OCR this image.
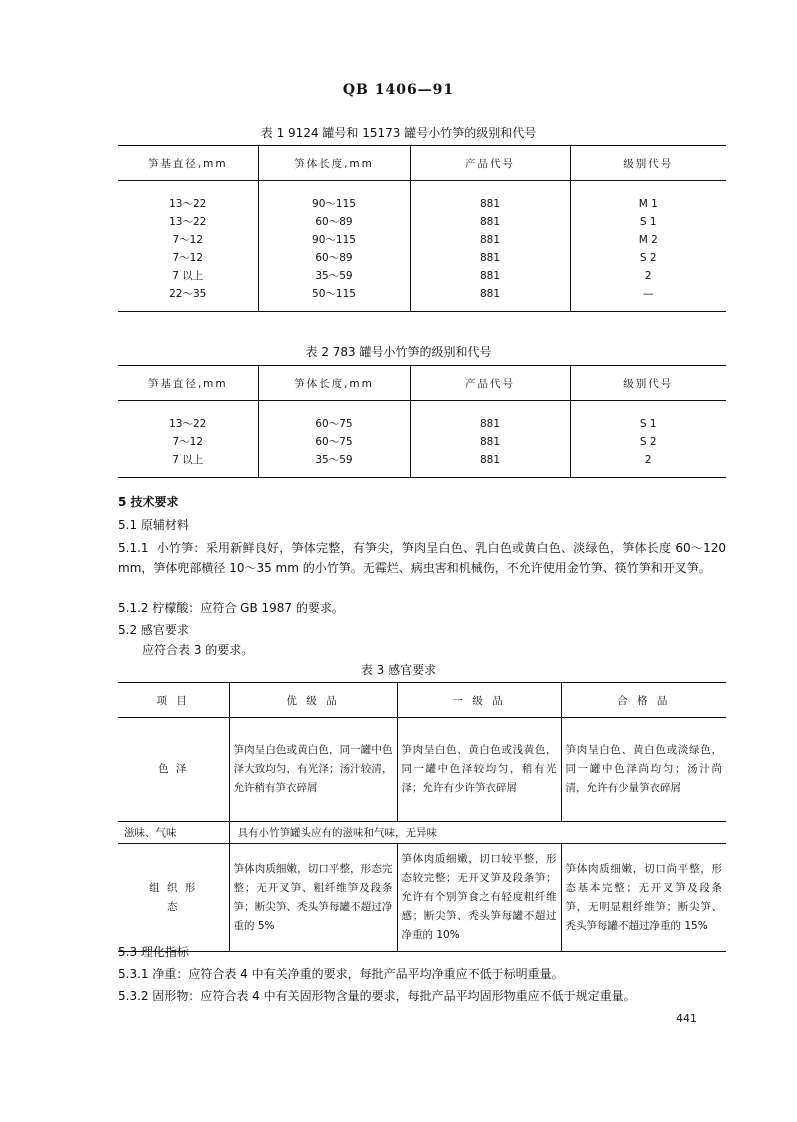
QB 1406—91
表 1 9124 罐号和 15173 罐号小竹笋的级别和代号
笋基直径,mm	笋体长度,mm	产品代号	级别代号
13～22	90～115	881	M 1
13～22	60～89	881	S 1
7～12	90～115	881	M 2
7～12	60～89	881	S 2
7 以上	35～59	881	2
22～35	50～115	881	—
表 2 783 罐号小竹笋的级别和代号
笋基直径,mm	笋体长度,mm	产品代号	级别代号
13～22	60～75	881	S 1
7～12	60～75	881	S 2
7 以上	35～59	881	2
5 技术要求
5.1 原辅材料
5.1.1 小竹笋：采用新鲜良好，笋体完整，有笋尖，笋肉呈白色、乳白色或黄白色、淡绿色，笋体长度 60～120 mm，笋体兜部横径 10～35 mm 的小竹笋。无霉烂、病虫害和机械伤，不允许使用金竹笋、筷竹笋和开叉笋。
5.1.2 柠檬酸：应符合 GB 1987 的要求。
5.2 感官要求
应符合表 3 的要求。
表 3 感官要求
项 目	优 级 品	一 级 品	合 格 品
色 泽	笋肉呈白色或黄白色，同一罐中色泽大致均匀，有光泽；汤汁较清，允许稍有笋衣碎屑	笋肉呈白色、黄白色或浅黄色，同一罐中色泽较均匀，稍有光泽；允许有少许笋衣碎屑	笋肉呈白色、黄白色或淡绿色，同一罐中色泽尚均匀；汤汁尚清，允许有少量笋衣碎屑
滋味、气味	具有小竹笋罐头应有的滋味和气味，无异味		
组 织 形 态	笋体肉质细嫩，切口平整，形态完整；无开叉笋、粗纤维笋及段条笋；断尖笋、秃头笋每罐不超过净重的 5%	笋体肉质细嫩，切口较平整，形态较完整；无开叉笋及段条笋；允许有个别笋食之有轻度粗纤维感；断尖笋、秃头笋每罐不超过净重的 10%	笋体肉质细嫩，切口尚平整，形态基本完整；无开叉笋及段条笋，无明显粗纤维笋；断尖笋、秃头笋每罐不超过净重的 15%
5.3 理化指标
5.3.1 净重：应符合表 4 中有关净重的要求，每批产品平均净重应不低于标明重量。
5.3.2 固形物：应符合表 4 中有关固形物含量的要求，每批产品平均固形物重应不低于规定重量。
441
